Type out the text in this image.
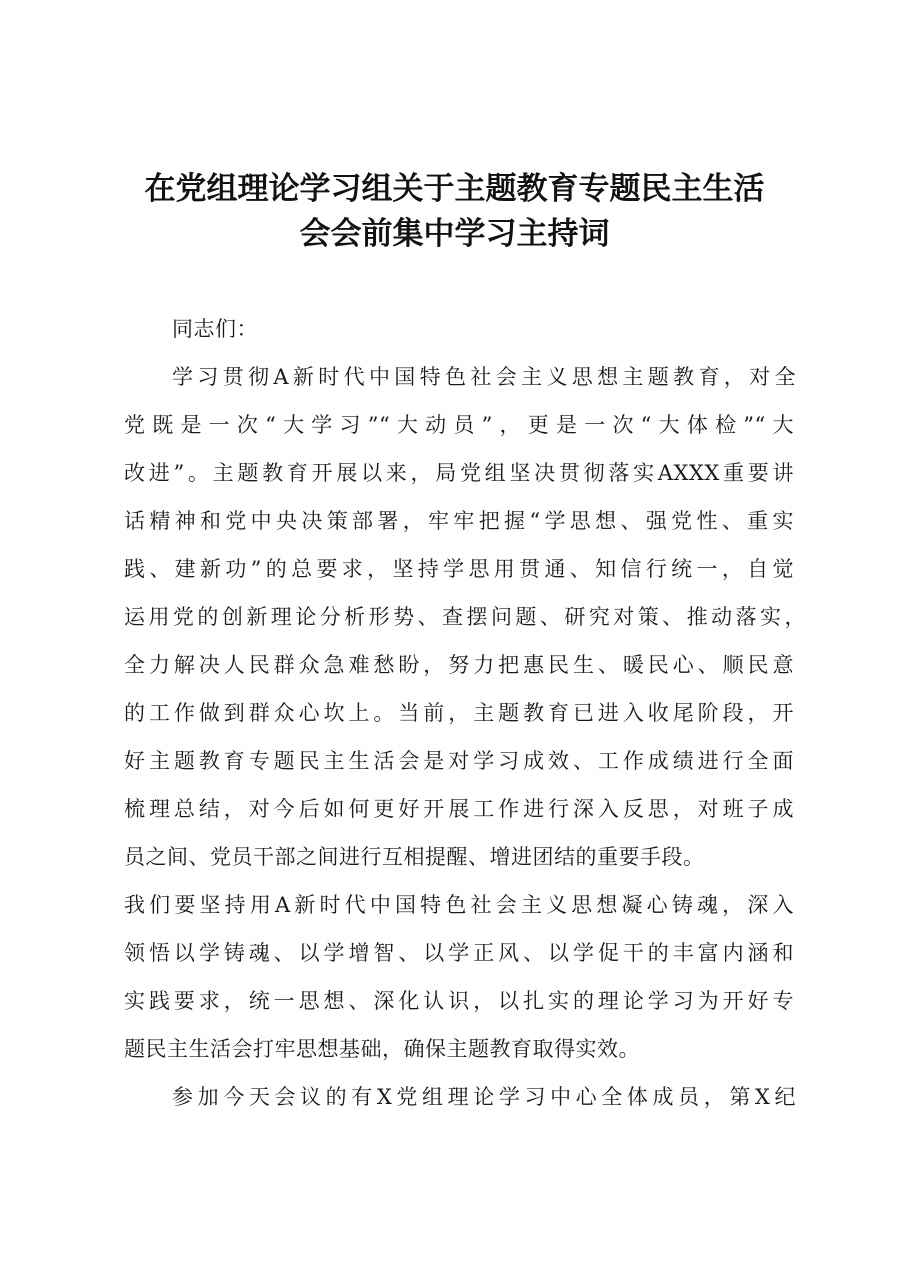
在党组理论学习组关于主题教育专题民主生活
会会前集中学习主持词
同志们：
学习贯彻A新时代中国特色社会主义思想主题教育，对全
党既是一次“大学习”“大动员”，更是一次“大体检”“大
改进”。主题教育开展以来，局党组坚决贯彻落实AXXX重要讲
话精神和党中央决策部署，牢牢把握“学思想、强党性、重实
践、建新功”的总要求，坚持学思用贯通、知信行统一，自觉
运用党的创新理论分析形势、查摆问题、研究对策、推动落实，
全力解决人民群众急难愁盼，努力把惠民生、暖民心、顺民意
的工作做到群众心坎上。当前，主题教育已进入收尾阶段，开
好主题教育专题民主生活会是对学习成效、工作成绩进行全面
梳理总结，对今后如何更好开展工作进行深入反思，对班子成
员之间、党员干部之间进行互相提醒、增进团结的重要手段。
我们要坚持用A新时代中国特色社会主义思想凝心铸魂，深入
领悟以学铸魂、以学增智、以学正风、以学促干的丰富内涵和
实践要求，统一思想、深化认识，以扎实的理论学习为开好专
题民主生活会打牢思想基础，确保主题教育取得实效。
参加今天会议的有X党组理论学习中心全体成员，第X纪
